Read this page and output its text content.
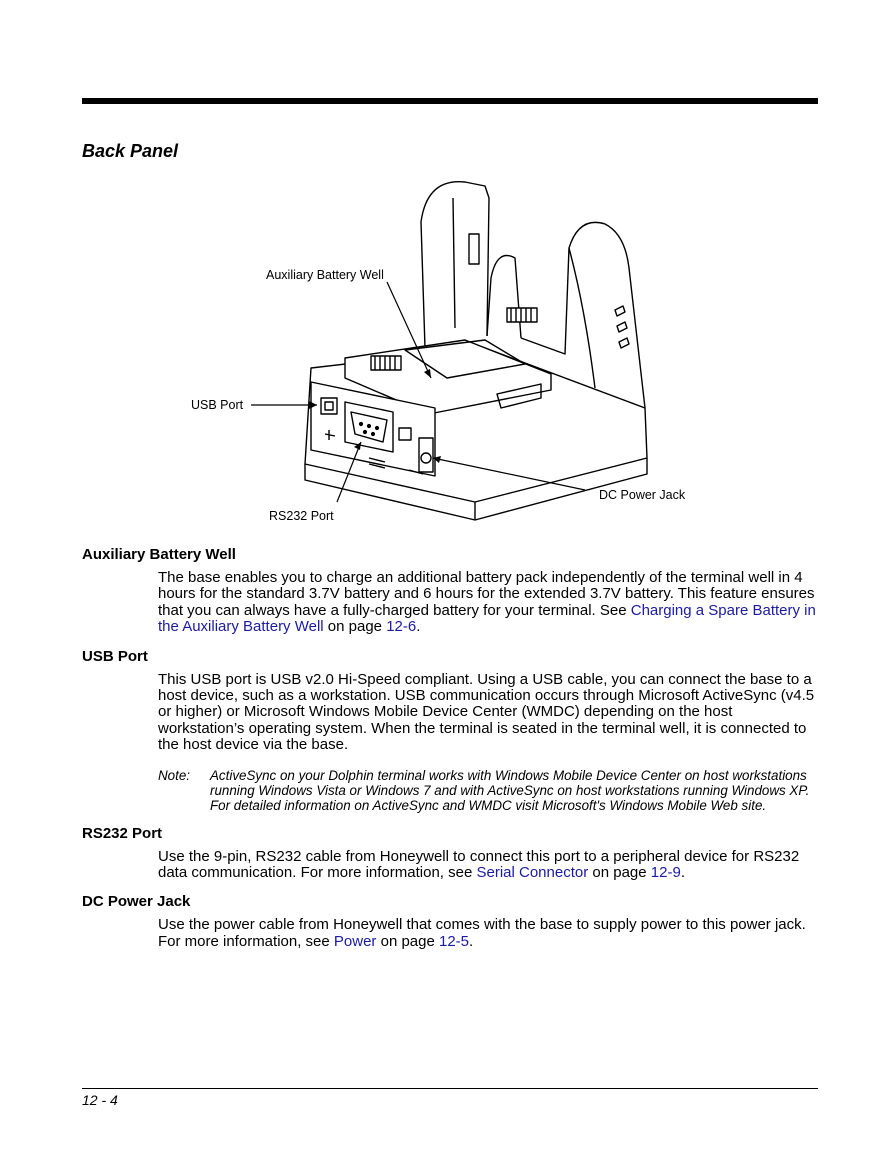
Back Panel
Auxiliary Battery Well
USB Port
DC Power Jack
RS232 Port
Auxiliary Battery Well

The base enables you to charge an additional battery pack independently of the terminal well in 4 hours for the standard 3.7V battery and 6 hours for the extended 3.7V battery. This feature ensures that you can always have a fully-charged battery for your terminal. See Charging a Spare Battery in the Auxiliary Battery Well on page 12-6.

USB Port

This USB port is USB v2.0 Hi-Speed compliant. Using a USB cable, you can connect the base to a host device, such as a workstation. USB communication occurs through Microsoft ActiveSync (v4.5 or higher) or Microsoft Windows Mobile Device Center (WMDC) depending on the host workstation’s operating system. When the terminal is seated in the terminal well, it is connected to the host device via the base.

Note:	ActiveSync on your Dolphin terminal works with Windows Mobile Device Center on host workstations running Windows Vista or Windows 7 and with ActiveSync on host workstations running Windows XP. For detailed information on ActiveSync and WMDC visit Microsoft's Windows Mobile Web site.
RS232 Port

Use the 9-pin, RS232 cable from Honeywell to connect this port to a peripheral device for RS232 data communication. For more information, see Serial Connector on page 12-9.

DC Power Jack

Use the power cable from Honeywell that comes with the base to supply power to this power jack. For more information, see Power on page 12-5.

12 - 4
